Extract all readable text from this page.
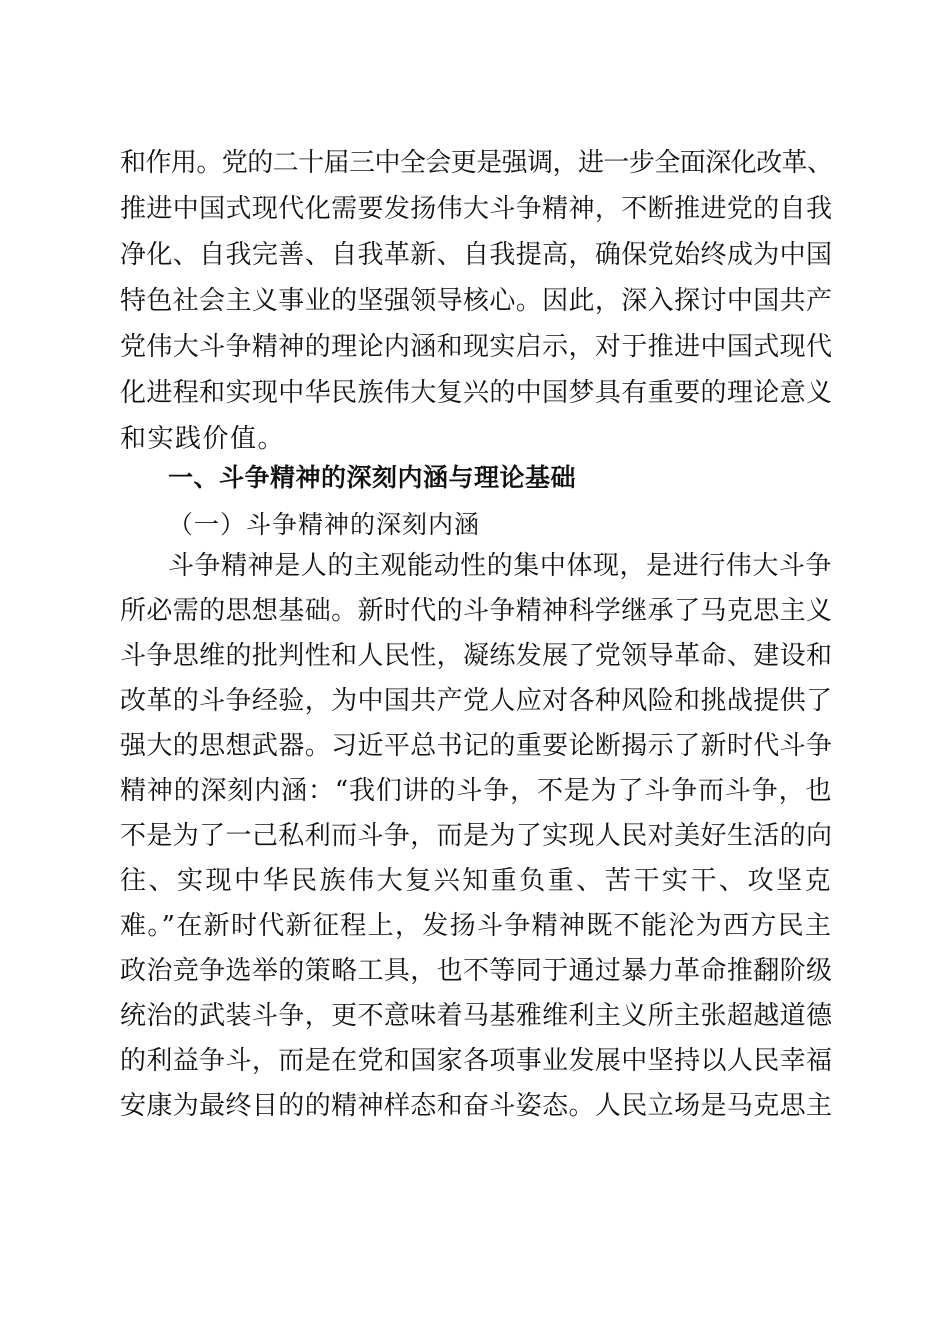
和作用。党的二十届三中全会更是强调，进一步全面深化改革、
推进中国式现代化需要发扬伟大斗争精神，不断推进党的自我
净化、自我完善、自我革新、自我提高，确保党始终成为中国
特色社会主义事业的坚强领导核心。因此，深入探讨中国共产
党伟大斗争精神的理论内涵和现实启示，对于推进中国式现代
化进程和实现中华民族伟大复兴的中国梦具有重要的理论意义
和实践价值。
一、斗争精神的深刻内涵与理论基础
（一）斗争精神的深刻内涵
斗争精神是人的主观能动性的集中体现，是进行伟大斗争
所必需的思想基础。新时代的斗争精神科学继承了马克思主义
斗争思维的批判性和人民性，凝练发展了党领导革命、建设和
改革的斗争经验，为中国共产党人应对各种风险和挑战提供了
强大的思想武器。习近平总书记的重要论断揭示了新时代斗争
精神的深刻内涵：“我们讲的斗争，不是为了斗争而斗争，也
不是为了一己私利而斗争，而是为了实现人民对美好生活的向
往、实现中华民族伟大复兴知重负重、苦干实干、攻坚克
难。”在新时代新征程上，发扬斗争精神既不能沦为西方民主
政治竞争选举的策略工具，也不等同于通过暴力革命推翻阶级
统治的武装斗争，更不意味着马基雅维利主义所主张超越道德
的利益争斗，而是在党和国家各项事业发展中坚持以人民幸福
安康为最终目的的精神样态和奋斗姿态。人民立场是马克思主
